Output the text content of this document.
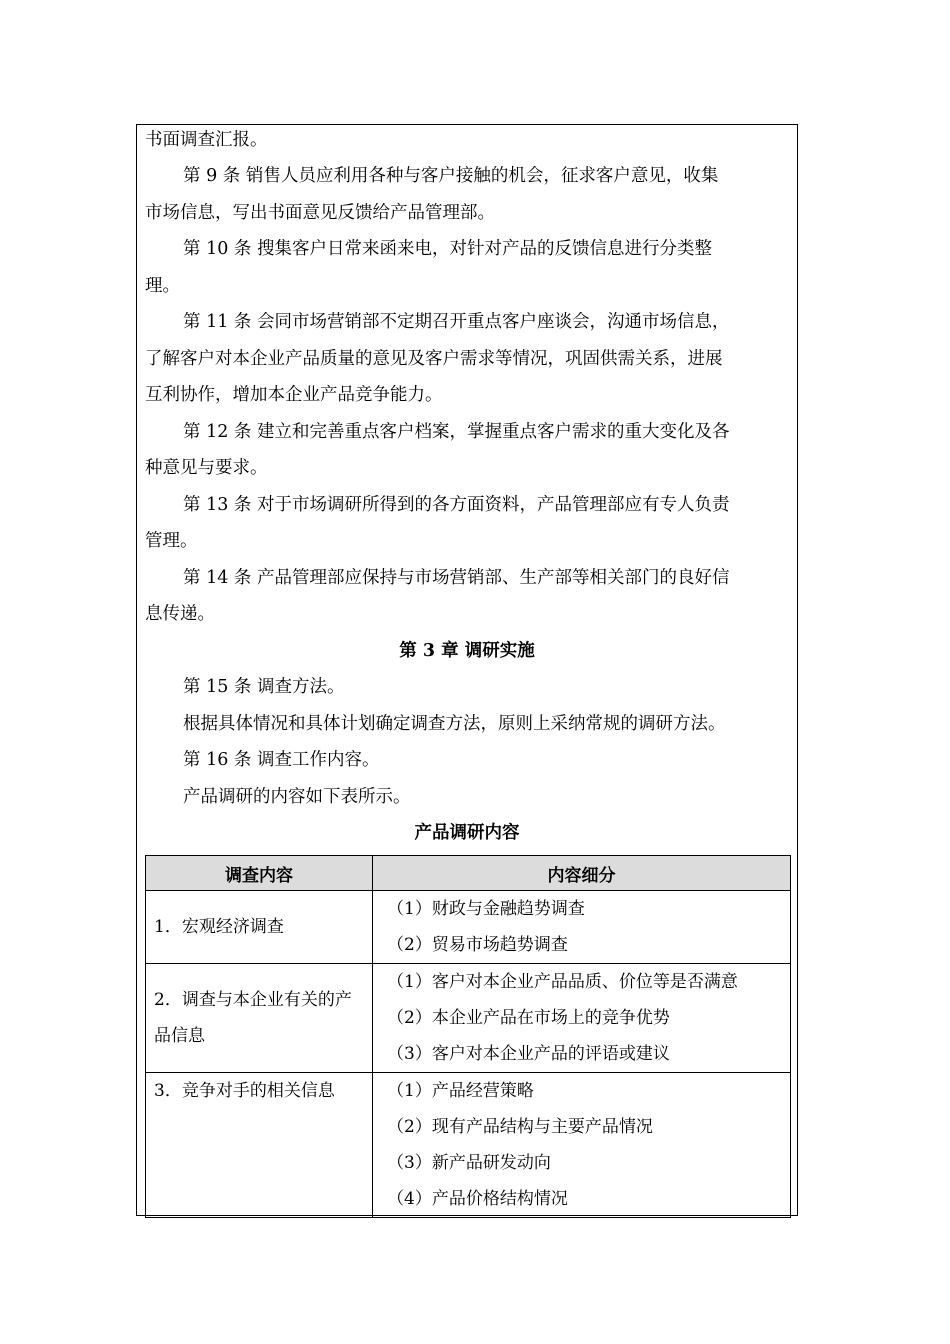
书面调查汇报。
第 9 条 销售人员应利用各种与客户接触的机会，征求客户意见，收集
市场信息，写出书面意见反馈给产品管理部。
第 10 条 搜集客户日常来函来电，对针对产品的反馈信息进行分类整
理。
第 11 条 会同市场营销部不定期召开重点客户座谈会，沟通市场信息，
了解客户对本企业产品质量的意见及客户需求等情况，巩固供需关系，进展
互利协作，增加本企业产品竞争能力。
第 12 条 建立和完善重点客户档案，掌握重点客户需求的重大变化及各
种意见与要求。
第 13 条 对于市场调研所得到的各方面资料，产品管理部应有专人负责
管理。
第 14 条 产品管理部应保持与市场营销部、生产部等相关部门的良好信
息传递。
第 3 章 调研实施
第 15 条 调查方法。
根据具体情况和具体计划确定调查方法，原则上采纳常规的调研方法。
第 16 条 调查工作内容。
产品调研的内容如下表所示。
产品调研内容
调查内容	内容细分
1．宏观经济调查	（1）财政与金融趋势调查
（2）贸易市场趋势调查

2．调查与本企业有关的产品信息	（1）客户对本企业产品品质、价位等是否满意
（2）本企业产品在市场上的竞争优势
（3）客户对本企业产品的评语或建议

3．竞争对手的相关信息	（1）产品经营策略
（2）现有产品结构与主要产品情况
（3）新产品研发动向
（4）产品价格结构情况
